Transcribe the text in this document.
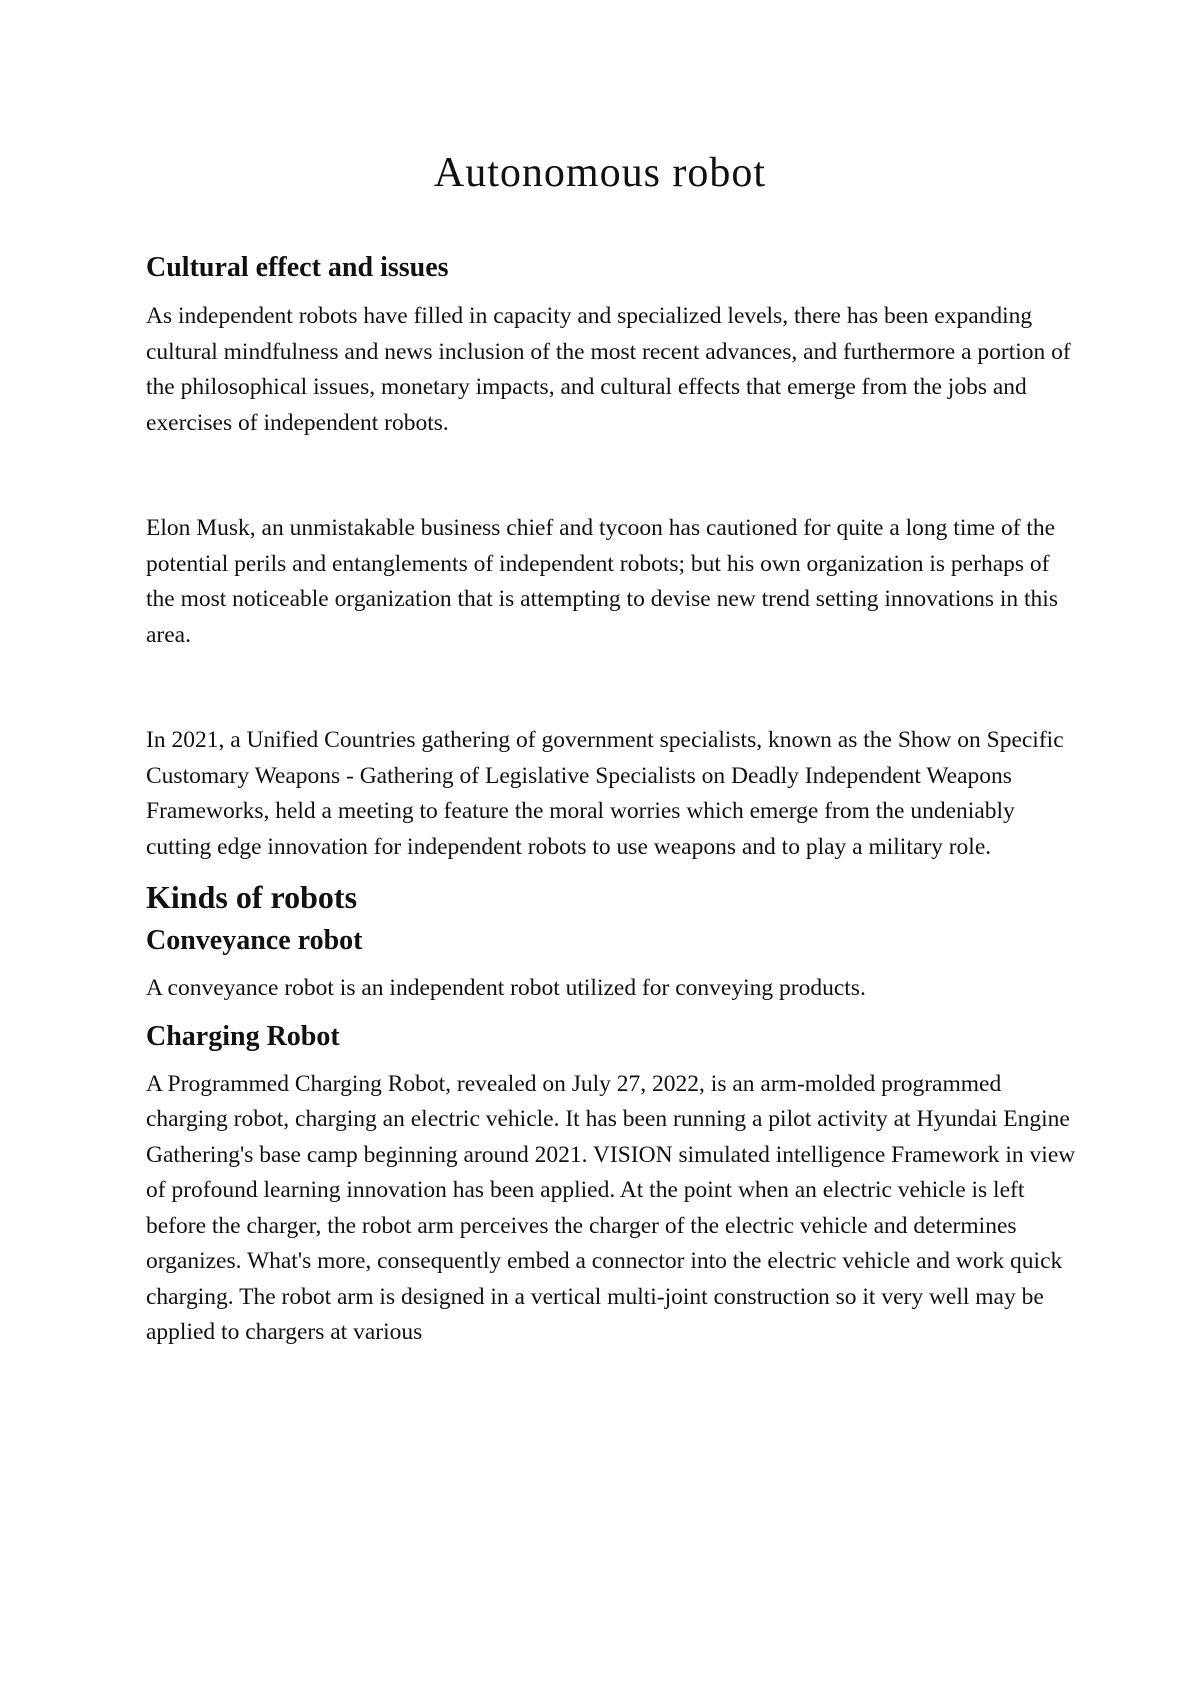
Autonomous robot
Cultural effect and issues

As independent robots have filled in capacity and specialized levels, there has been expanding cultural mindfulness and news inclusion of the most recent advances, and furthermore a portion of the philosophical issues, monetary impacts, and cultural effects that emerge from the jobs and exercises of independent robots.

Elon Musk, an unmistakable business chief and tycoon has cautioned for quite a long time of the potential perils and entanglements of independent robots; but his own organization is perhaps of the most noticeable organization that is attempting to devise new trend setting innovations in this area.

In 2021, a Unified Countries gathering of government specialists, known as the Show on Specific Customary Weapons - Gathering of Legislative Specialists on Deadly Independent Weapons Frameworks, held a meeting to feature the moral worries which emerge from the undeniably cutting edge innovation for independent robots to use weapons and to play a military role.

Kinds of robots
Conveyance robot

A conveyance robot is an independent robot utilized for conveying products.

Charging Robot

A Programmed Charging Robot, revealed on July 27, 2022, is an arm-molded programmed charging robot, charging an electric vehicle. It has been running a pilot activity at Hyundai Engine Gathering's base camp beginning around 2021. VISION simulated intelligence Framework in view of profound learning innovation has been applied. At the point when an electric vehicle is left before the charger, the robot arm perceives the charger of the electric vehicle and determines organizes. What's more, consequently embed a connector into the electric vehicle and work quick charging. The robot arm is designed in a vertical multi-joint construction so it very well may be applied to chargers at various
